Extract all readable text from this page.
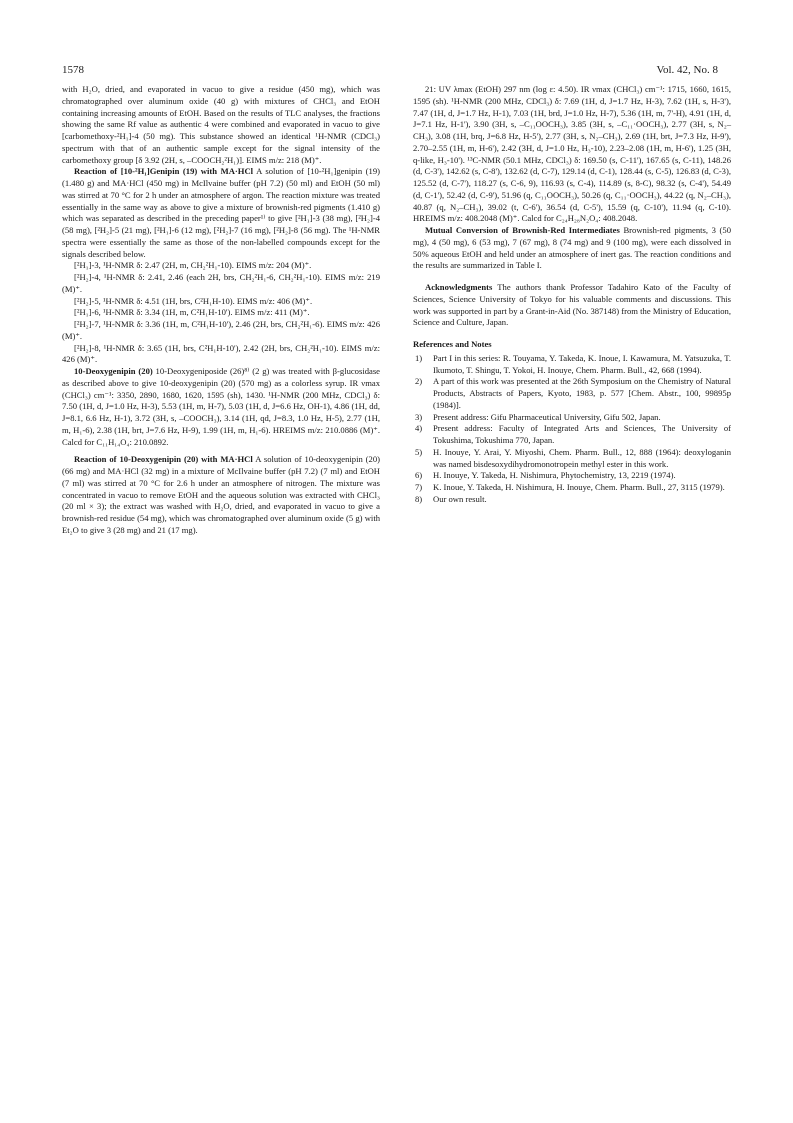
1578	Vol. 42, No. 8

with H₂O, dried, and evaporated in vacuo to give a residue (450 mg), which was chromatographed over aluminum oxide (40 g) with mixtures of CHCl₃ and EtOH containing increasing amounts of EtOH. Based on the results of TLC analyses, the fractions showing the same Rf value as authentic 4 were combined and evaporated in vacuo to give [carbomethoxy-²H₁]-4 (50 mg). This substance showed an identical ¹H-NMR (CDCl₃) spectrum with that of an authentic sample except for the signal intensity of the carbomethoxy group [δ 3.92 (2H, s, –COOCH₂²H₁)]. EIMS m/z: 218 (M)⁺.

Reaction of [10-²H₁]Genipin (19) with MA·HCl A solution of [10-²H₁]genipin (19) (1.480 g) and MA·HCl (450 mg) in McIlvaine buffer (pH 7.2) (50 ml) and EtOH (50 ml) was stirred at 70 °C for 2 h under an atmosphere of argon. The reaction mixture was treated essentially in the same way as above to give a mixture of brownish-red pigments (1.410 g) which was separated as described in the preceding paper¹⁾ to give [²H₁]-3 (38 mg), [²H₂]-4 (58 mg), [²H₂]-5 (21 mg), [²H₁]-6 (12 mg), [²H₂]-7 (16 mg), [²H₂]-8 (56 mg). The ¹H-NMR spectra were essentially the same as those of the non-labelled compounds except for the signals described below.

[²H₁]-3, ¹H-NMR δ: 2.47 (2H, m, CH₂²H₁-10). EIMS m/z: 204 (M)⁺.

[²H₂]-4, ¹H-NMR δ: 2.41, 2.46 (each 2H, brs, CH₂²H₁-6, CH₂²H₁-10). EIMS m/z: 219 (M)⁺.

[²H₂]-5, ¹H-NMR δ: 4.51 (1H, brs, C²H₁H-10). EIMS m/z: 406 (M)⁺.

[²H₁]-6, ¹H-NMR δ: 3.34 (1H, m, C²H₁H-10'). EIMS m/z: 411 (M)⁺.

[²H₂]-7, ¹H-NMR δ: 3.36 (1H, m, C²H₁H-10'), 2.46 (2H, brs, CH₂²H₁-6). EIMS m/z: 426 (M)⁺.

[²H₂]-8, ¹H-NMR δ: 3.65 (1H, brs, C²H₁H-10'), 2.42 (2H, brs, CH₂²H₁-10). EIMS m/z: 426 (M)⁺.

10-Deoxygenipin (20) 10-Deoxygeniposide (26)⁸⁾ (2 g) was treated with β-glucosidase as described above to give 10-deoxygenipin (20) (570 mg) as a colorless syrup. IR νmax (CHCl₃) cm⁻¹: 3350, 2890, 1680, 1620, 1595 (sh), 1430. ¹H-NMR (200 MHz, CDCl₃) δ: 7.50 (1H, d, J=1.0 Hz, H-3), 5.53 (1H, m, H-7), 5.03 (1H, d, J=6.6 Hz, OH-1), 4.86 (1H, dd, J=8.1, 6.6 Hz, H-1), 3.72 (3H, s, –COOCH₃), 3.14 (1H, qd, J=8.3, 1.0 Hz, H-5), 2.77 (1H, m, H₁-6), 2.38 (1H, brt, J=7.6 Hz, H-9), 1.99 (1H, m, H₁-6). HREIMS m/z: 210.0886 (M)⁺. Calcd for C₁₁H₁₄O₄: 210.0892.

Reaction of 10-Deoxygenipin (20) with MA·HCl A solution of 10-deoxygenipin (20) (66 mg) and MA·HCl (32 mg) in a mixture of McIlvaine buffer (pH 7.2) (7 ml) and EtOH (7 ml) was stirred at 70 °C for 2.6 h under an atmosphere of nitrogen. The mixture was concentrated in vacuo to remove EtOH and the aqueous solution was extracted with CHCl₃ (20 ml × 3); the extract was washed with H₂O, dried, and evaporated in vacuo to give a brownish-red residue (54 mg), which was chromatographed over aluminum oxide (5 g) with Et₂O to give 3 (28 mg) and 21 (17 mg).

21: UV λmax (EtOH) 297 nm (log ε: 4.50). IR νmax (CHCl₃) cm⁻¹: 1715, 1660, 1615, 1595 (sh). ¹H-NMR (200 MHz, CDCl₃) δ: 7.69 (1H, d, J=1.7 Hz, H-3), 7.62 (1H, s, H-3'), 7.47 (1H, d, J=1.7 Hz, H-1), 7.03 (1H, brd, J=1.0 Hz, H-7), 5.36 (1H, m, 7'-H), 4.91 (1H, d, J=7.1 Hz, H-1'), 3.90 (3H, s, –C₁₁OOCH₃), 3.85 (3H, s, –C₁₁·OOCH₃), 2.77 (3H, s, N₂–CH₃), 3.08 (1H, brq, J=6.8 Hz, H-5'), 2.77 (3H, s, N₂–CH₃), 2.69 (1H, brt, J=7.3 Hz, H-9'), 2.70–2.55 (1H, m, H-6'), 2.42 (3H, d, J=1.0 Hz, H₃-10), 2.23–2.08 (1H, m, H-6'), 1.25 (3H, q-like, H₃-10'). ¹³C-NMR (50.1 MHz, CDCl₃) δ: 169.50 (s, C-11'), 167.65 (s, C-11), 148.26 (d, C-3'), 142.62 (s, C-8'), 132.62 (d, C-7), 129.14 (d, C-1), 128.44 (s, C-5), 126.83 (d, C-3), 125.52 (d, C-7'), 118.27 (s, C-6, 9), 116.93 (s, C-4), 114.89 (s, 8-C), 98.32 (s, C-4'), 54.49 (d, C-1'), 52.42 (d, C-9'), 51.96 (q, C₁₁OOCH₃), 50.26 (q, C₁₁·OOCH₃), 44.22 (q, N₂–CH₃), 40.87 (q, N₂–CH₃), 39.02 (t, C-6'), 36.54 (d, C-5'), 15.59 (q, C-10'), 11.94 (q, C-10). HREIMS m/z: 408.2048 (M)⁺. Calcd for C₂₄H₂₈N₂O₄: 408.2048.

Mutual Conversion of Brownish-Red Intermediates Brownish-red pigments, 3 (50 mg), 4 (50 mg), 6 (53 mg), 7 (67 mg), 8 (74 mg) and 9 (100 mg), were each dissolved in 50% aqueous EtOH and held under an atmosphere of inert gas. The reaction conditions and the results are summarized in Table I.

Acknowledgments The authors thank Professor Tadahiro Kato of the Faculty of Sciences, Science University of Tokyo for his valuable comments and discussions. This work was supported in part by a Grant-in-Aid (No. 387148) from the Ministry of Education, Science and Culture, Japan.

References and Notes
1) Part I in this series: R. Touyama, Y. Takeda, K. Inoue, I. Kawamura, M. Yatsuzuka, T. Ikumoto, T. Shingu, T. Yokoi, H. Inouye, Chem. Pharm. Bull., 42, 668 (1994).
2) A part of this work was presented at the 26th Symposium on the Chemistry of Natural Products, Abstracts of Papers, Kyoto, 1983, p. 577 [Chem. Abstr., 100, 99895p (1984)].
3) Present address: Gifu Pharmaceutical University, Gifu 502, Japan.
4) Present address: Faculty of Integrated Arts and Sciences, The University of Tokushima, Tokushima 770, Japan.
5) H. Inouye, Y. Arai, Y. Miyoshi, Chem. Pharm. Bull., 12, 888 (1964): deoxyloganin was named bisdesoxydihydromonotropein methyl ester in this work.
6) H. Inouye, Y. Takeda, H. Nishimura, Phytochemistry, 13, 2219 (1974).
7) K. Inoue, Y. Takeda, H. Nishimura, H. Inouye, Chem. Pharm. Bull., 27, 3115 (1979).
8) Our own result.
